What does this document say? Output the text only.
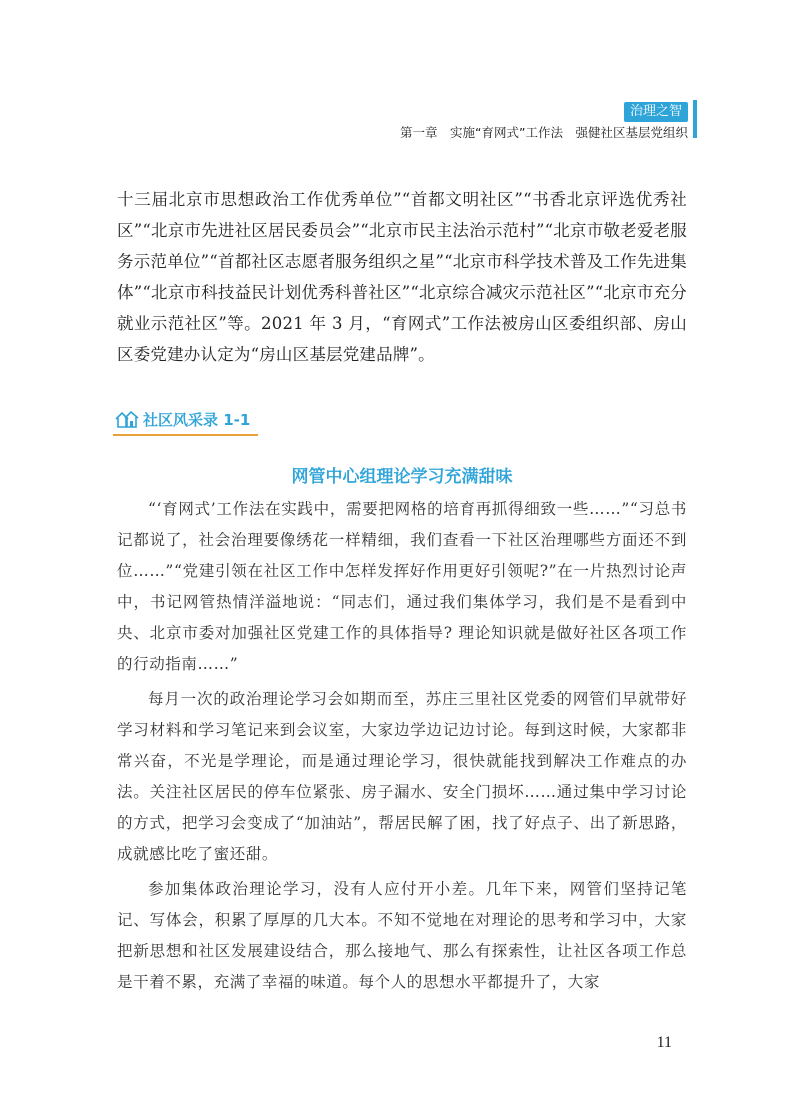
治理之智
第一章　实施“育网式”工作法　强健社区基层党组织

十三届北京市思想政治工作优秀单位”“首都文明社区”“书香北京评选优秀社区”“北京市先进社区居民委员会”“北京市民主法治示范村”“北京市敬老爱老服务示范单位”“首都社区志愿者服务组织之星”“北京市科学技术普及工作先进集体”“北京市科技益民计划优秀科普社区”“北京综合减灾示范社区”“北京市充分就业示范社区”等。2021 年 3 月，“育网式”工作法被房山区委组织部、房山区委党建办认定为“房山区基层党建品牌”。

社区风采录 1-1
网管中心组理论学习充满甜味

“‘育网式’工作法在实践中，需要把网格的培育再抓得细致一些……”“习总书记都说了，社会治理要像绣花一样精细，我们查看一下社区治理哪些方面还不到位……”“党建引领在社区工作中怎样发挥好作用更好引领呢?”在一片热烈讨论声中，书记网管热情洋溢地说：“同志们，通过我们集体学习，我们是不是看到中央、北京市委对加强社区党建工作的具体指导? 理论知识就是做好社区各项工作的行动指南……”

每月一次的政治理论学习会如期而至，苏庄三里社区党委的网管们早就带好学习材料和学习笔记来到会议室，大家边学边记边讨论。每到这时候，大家都非常兴奋，不光是学理论，而是通过理论学习，很快就能找到解决工作难点的办法。关注社区居民的停车位紧张、房子漏水、安全门损坏……通过集中学习讨论的方式，把学习会变成了“加油站”，帮居民解了困，找了好点子、出了新思路，成就感比吃了蜜还甜。

参加集体政治理论学习，没有人应付开小差。几年下来，网管们坚持记笔记、写体会，积累了厚厚的几大本。不知不觉地在对理论的思考和学习中，大家把新思想和社区发展建设结合，那么接地气、那么有探索性，让社区各项工作总是干着不累，充满了幸福的味道。每个人的思想水平都提升了，大家

11
